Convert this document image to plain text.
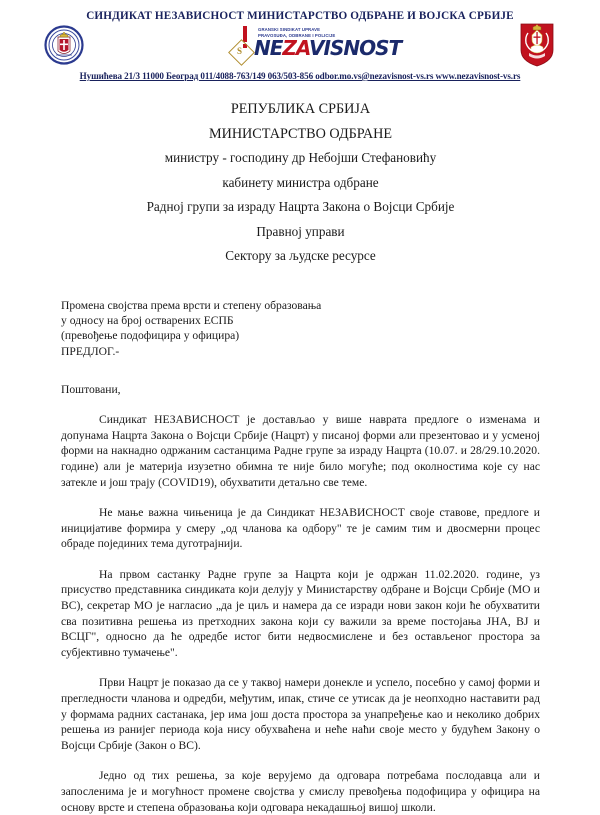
СИНДИКАТ НЕЗАВИСНОСТ МИНИСТАРСТВО ОДБРАНЕ И ВОЈСКА СРБИЈЕ
S
GRANSKI SINDIKAT UPRAVE
PRAVOSUĐA, ODBRANE I POLICIJE
NEZAVISNOST
Нушићева 21/3 11000 Београд 011/4088-763/149 063/503-856 odbor.mo.vs@nezavisnost-vs.rs www.nezavisnost-vs.rs
РЕПУБЛИКА СРБИЈА
МИНИСТАРСТВО ОДБРАНЕ
министру - господину др Небојши Стефановићу
кабинету министра одбране
Радној групи за израду Нацрта Закона о Војсци Србије
Правној управи
Сектору за људске ресурсе
Промена својства према врсти и степену образовања
у односу на број остварених ЕСПБ
(превођење подофицира у официра)
ПРЕДЛОГ.-
Поштовани,

Синдикат НЕЗАВИСНОСТ је достављао у више наврата предлоге о изменама и допунама Нацрта Закона о Војсци Србије (Нацрт) у писаној форми али презентовао и у усменој форми на накнадно одржаним састанцима Радне групе за израду Нацрта (10.07. и 28/29.10.2020. године) али је материја изузетно обимна те није било могуће; под околностима које су нас затекле и још трају (COVID19), обухватити детаљно све теме.

Не мање важна чињеница је да Синдикат НЕЗАВИСНОСТ своје ставове, предлоге и иницијативе формира у смеру „од чланова ка одбору" те је самим тим и двосмерни процес обраде појединих тема дуготрајнији.

На првом састанку Радне групе за Нацрта који је одржан 11.02.2020. године, уз присуство представника синдиката који делују у Министарству одбране и Војсци Србије (МО и ВС), секретар МО је нагласио „да је циљ и намера да се изради нови закон који ће обухватити сва позитивна решења из претходних закона који су важили за време постојања ЈНА, ВЈ и ВСЦГ", односно да ће одредбе истог бити недвосмислене и без остављеног простора за субјективно тумачење".

Први Нацрт је показао да се у таквој намери донекле и успело, посебно у самој форми и прегледности чланова и одредби, међутим, ипак, стиче се утисак да је неопходно наставити рад у формама радних састанака, јер има још доста простора за унапређење као и неколико добрих решења из ранијег периода која нису обухваћена и неће наћи своје место у будућем Закону о Војсци Србије (Закон о ВС).

Једно од тих решења, за које верујемо да одговара потребама послодавца али и запосленима је и могућност промене својства у смислу превођења подофицира у официра на основу врсте и степена образовања који одговара некадашњој вишој школи.
